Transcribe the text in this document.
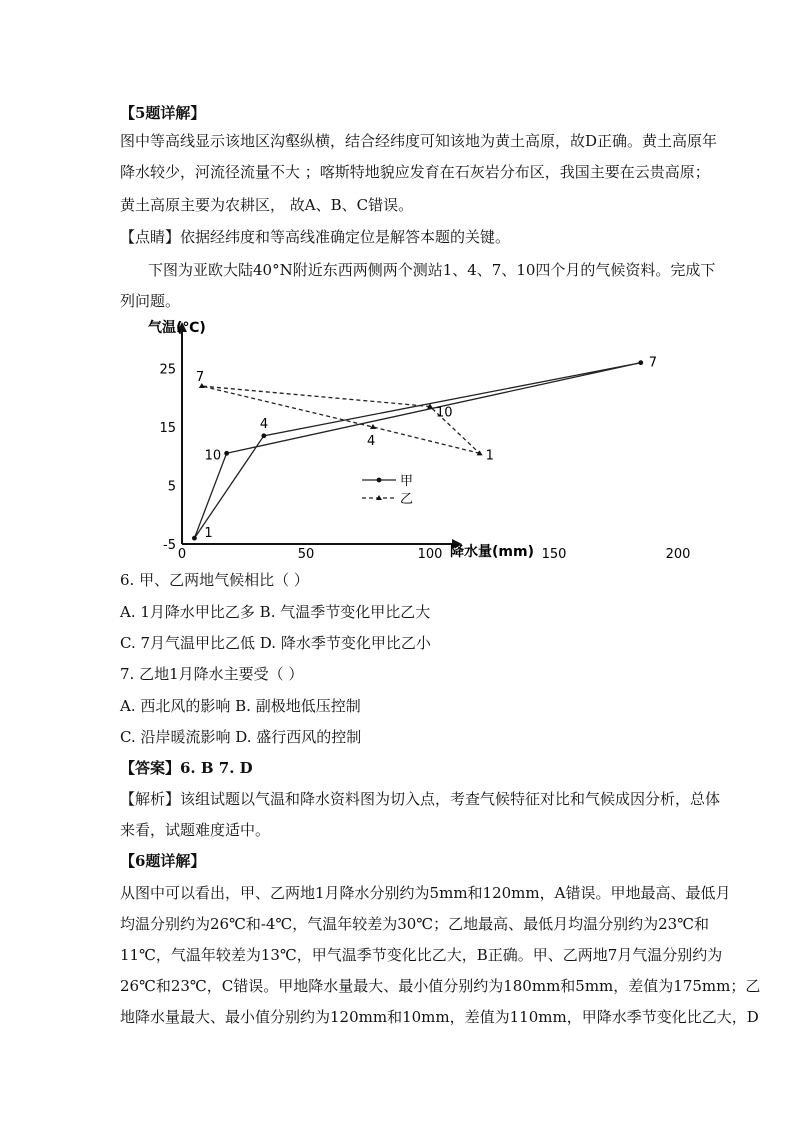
【5题详解】
图中等高线显示该地区沟壑纵横，结合经纬度可知该地为黄土高原，故D正确。黄土高原年
降水较少，河流径流量不大 ；喀斯特地貌应发育在石灰岩分布区，我国主要在云贵高原；
黄土高原主要为农耕区， 故A、B、C错误。
【点睛】依据经纬度和等高线准确定位是解答本题的关键。
下图为亚欧大陆40°N附近东西两侧两个测站1、4、7、10四个月的气候资料。完成下
列问题。
气温(℃)
降水量(mm)
0	50	100	150	200
-5
5
15
25
1
4
7
10	1
4
7
10
甲
乙
6. 甲、乙两地气候相比（ ）
A. 1月降水甲比乙多 B. 气温季节变化甲比乙大
C. 7月气温甲比乙低 D. 降水季节变化甲比乙小
7. 乙地1月降水主要受（ ）
A. 西北风的影响 B. 副极地低压控制
C. 沿岸暖流影响 D. 盛行西风的控制
【答案】6. B 7. D
【解析】该组试题以气温和降水资料图为切入点，考查气候特征对比和气候成因分析，总体
来看，试题难度适中。
【6题详解】
从图中可以看出，甲、乙两地1月降水分别约为5mm和120mm，A错误。甲地最高、最低月
均温分别约为26℃和-4℃，气温年较差为30℃；乙地最高、最低月均温分别约为23℃和
11℃，气温年较差为13℃，甲气温季节变化比乙大，B正确。甲、乙两地7月气温分别约为
26℃和23℃，C错误。甲地降水量最大、最小值分别约为180mm和5mm，差值为175mm；乙
地降水量最大、最小值分别约为120mm和10mm，差值为110mm，甲降水季节变化比乙大，D
